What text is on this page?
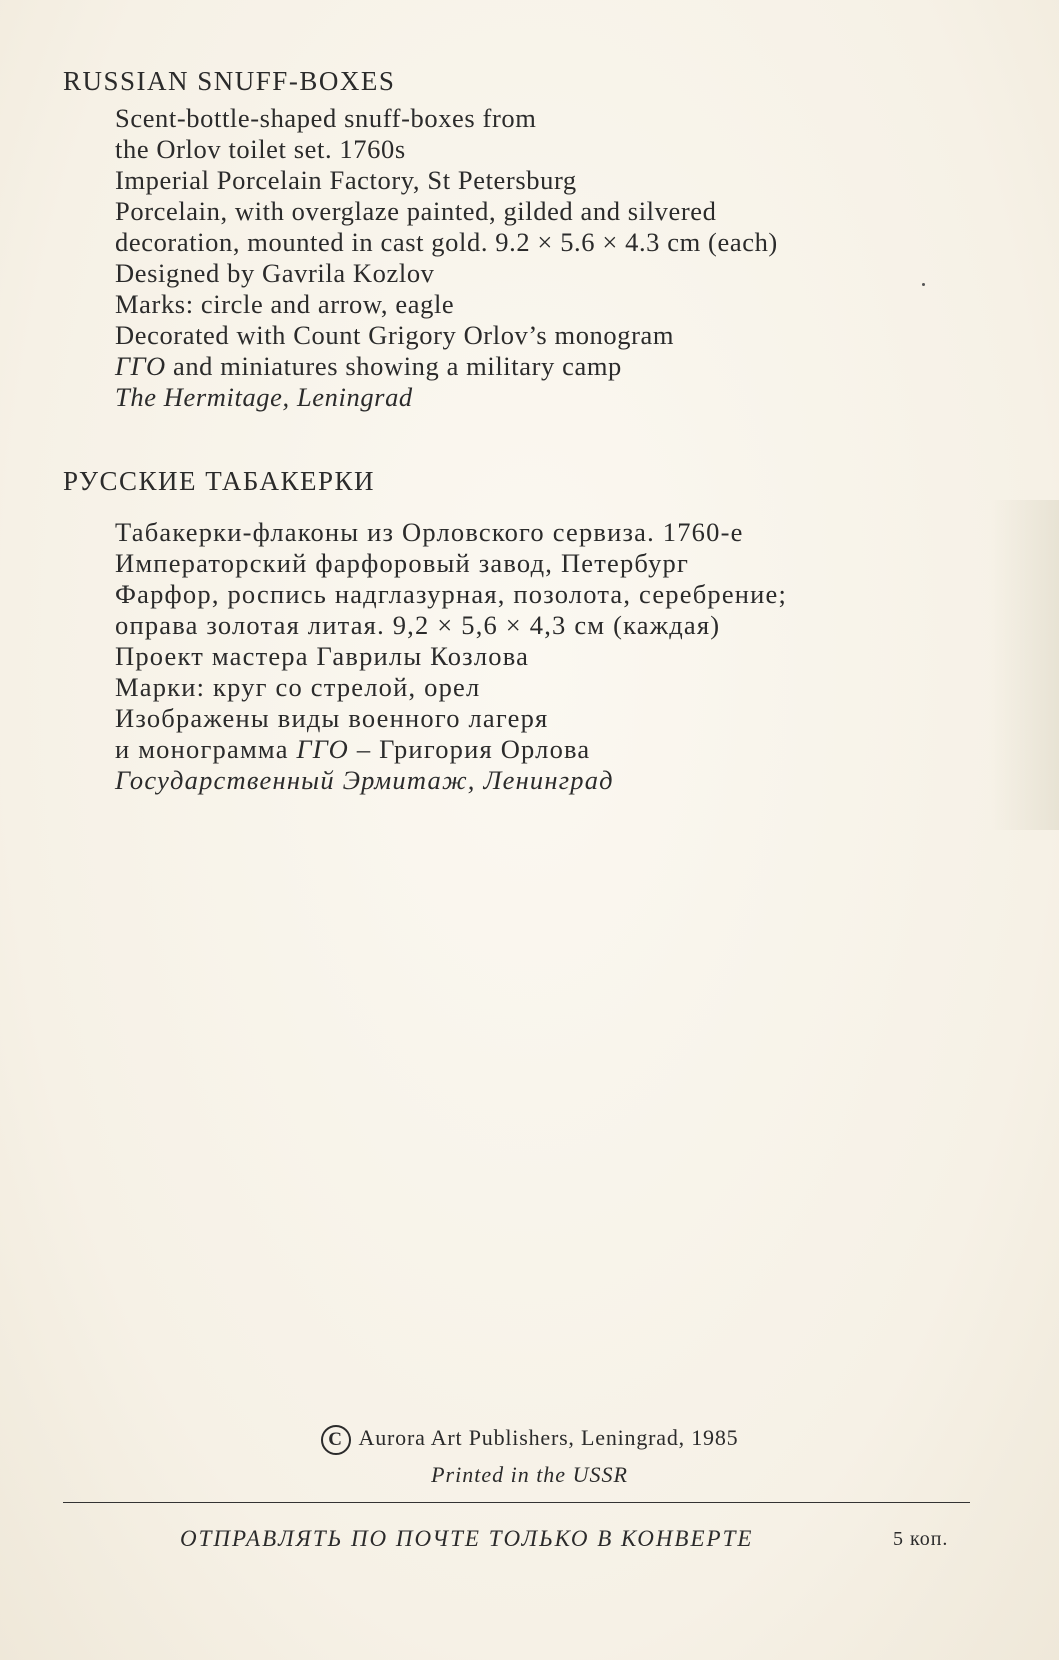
RUSSIAN SNUFF-BOXES
Scent-bottle-shaped snuff-boxes from
the Orlov toilet set. 1760s
Imperial Porcelain Factory, St Petersburg
Porcelain, with overglaze painted, gilded and silvered
decoration, mounted in cast gold. 9.2 × 5.6 × 4.3 cm (each)
Designed by Gavrila Kozlov
Marks: circle and arrow, eagle
Decorated with Count Grigory Orlov’s monogram
ГГО and miniatures showing a military camp
The Hermitage, Leningrad
РУССКИЕ ТАБАКЕРКИ
Табакерки-флаконы из Орловского сервиза. 1760-е
Императорский фарфоровый завод, Петербург
Фарфор, роспись надглазурная, позолота, серебрение;
оправа золотая литая. 9,2 × 5,6 × 4,3 см (каждая)
Проект мастера Гаврилы Козлова
Марки: круг со стрелой, орел
Изображены виды военного лагеря
и монограмма ГГО – Григория Орлова
Государственный Эрмитаж, Ленинград
C Aurora Art Publishers, Leningrad, 1985
Printed in the USSR
ОТПРАВЛЯТЬ ПО ПОЧТЕ ТОЛЬКО В КОНВЕРТЕ	5 коп.
